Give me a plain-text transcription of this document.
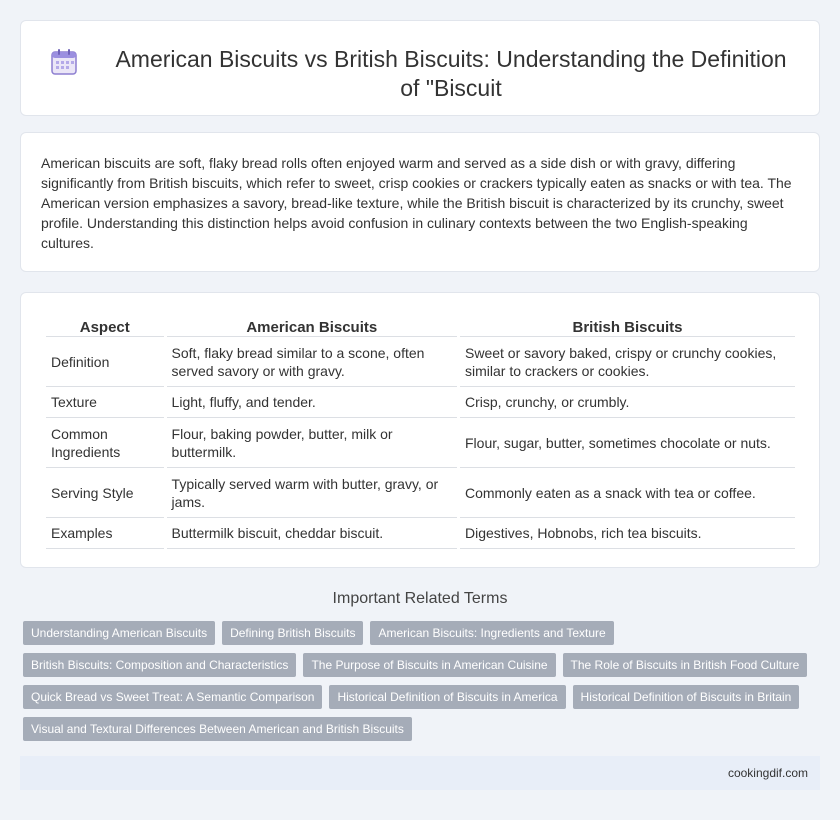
American Biscuits vs British Biscuits: Understanding the Definition of "Biscuit

American biscuits are soft, flaky bread rolls often enjoyed warm and served as a side dish or with gravy, differing significantly from British biscuits, which refer to sweet, crisp cookies or crackers typically eaten as snacks or with tea. The American version emphasizes a savory, bread-like texture, while the British biscuit is characterized by its crunchy, sweet profile. Understanding this distinction helps avoid confusion in culinary contexts between the two English-speaking cultures.

Aspect	American Biscuits	British Biscuits
Definition	Soft, flaky bread similar to a scone, often served savory or with gravy.	Sweet or savory baked, crispy or crunchy cookies, similar to crackers or cookies.
Texture	Light, fluffy, and tender.	Crisp, crunchy, or crumbly.
Common Ingredients	Flour, baking powder, butter, milk or buttermilk.	Flour, sugar, butter, sometimes chocolate or nuts.
Serving Style	Typically served warm with butter, gravy, or jams.	Commonly eaten as a snack with tea or coffee.
Examples	Buttermilk biscuit, cheddar biscuit.	Digestives, Hobnobs, rich tea biscuits.
Important Related Terms
Understanding American Biscuits	Defining British Biscuits	American Biscuits: Ingredients and Texture
British Biscuits: Composition and Characteristics	The Purpose of Biscuits in American Cuisine	The Role of Biscuits in British Food Culture
Quick Bread vs Sweet Treat: A Semantic Comparison	Historical Definition of Biscuits in America	Historical Definition of Biscuits in Britain
Visual and Textural Differences Between American and British Biscuits
cookingdif.com
